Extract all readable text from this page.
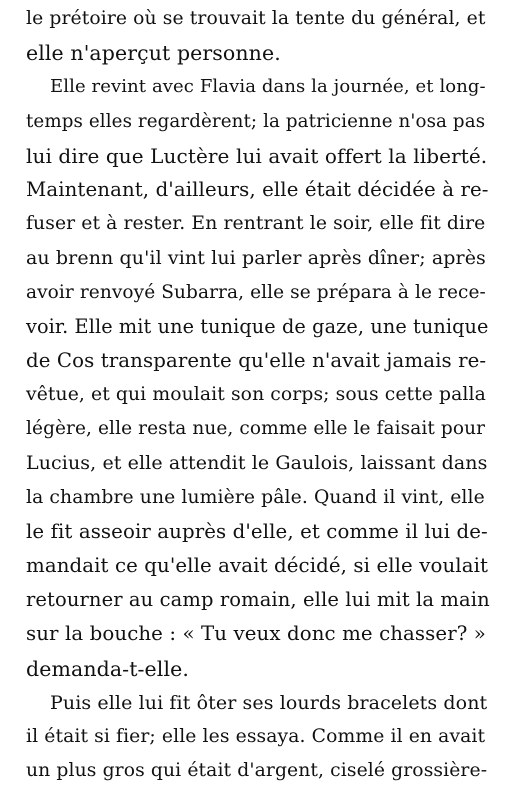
le prétoire où se trouvait la tente du général, et
elle n'aperçut personne.
Elle revint avec Flavia dans la journée, et long-
temps elles regardèrent; la patricienne n'osa pas
lui dire que Luctère lui avait offert la liberté.
Maintenant, d'ailleurs, elle était décidée à re-
fuser et à rester. En rentrant le soir, elle fit dire
au brenn qu'il vint lui parler après dîner; après
avoir renvoyé Subarra, elle se prépara à le rece-
voir. Elle mit une tunique de gaze, une tunique
de Cos transparente qu'elle n'avait jamais re-
vêtue, et qui moulait son corps; sous cette palla
légère, elle resta nue, comme elle le faisait pour
Lucius, et elle attendit le Gaulois, laissant dans
la chambre une lumière pâle. Quand il vint, elle
le fit asseoir auprès d'elle, et comme il lui de-
mandait ce qu'elle avait décidé, si elle voulait
retourner au camp romain, elle lui mit la main
sur la bouche : « Tu veux donc me chasser? »
demanda-t-elle.
Puis elle lui fit ôter ses lourds bracelets dont
il était si fier; elle les essaya. Comme il en avait
un plus gros qui était d'argent, ciselé grossière-
